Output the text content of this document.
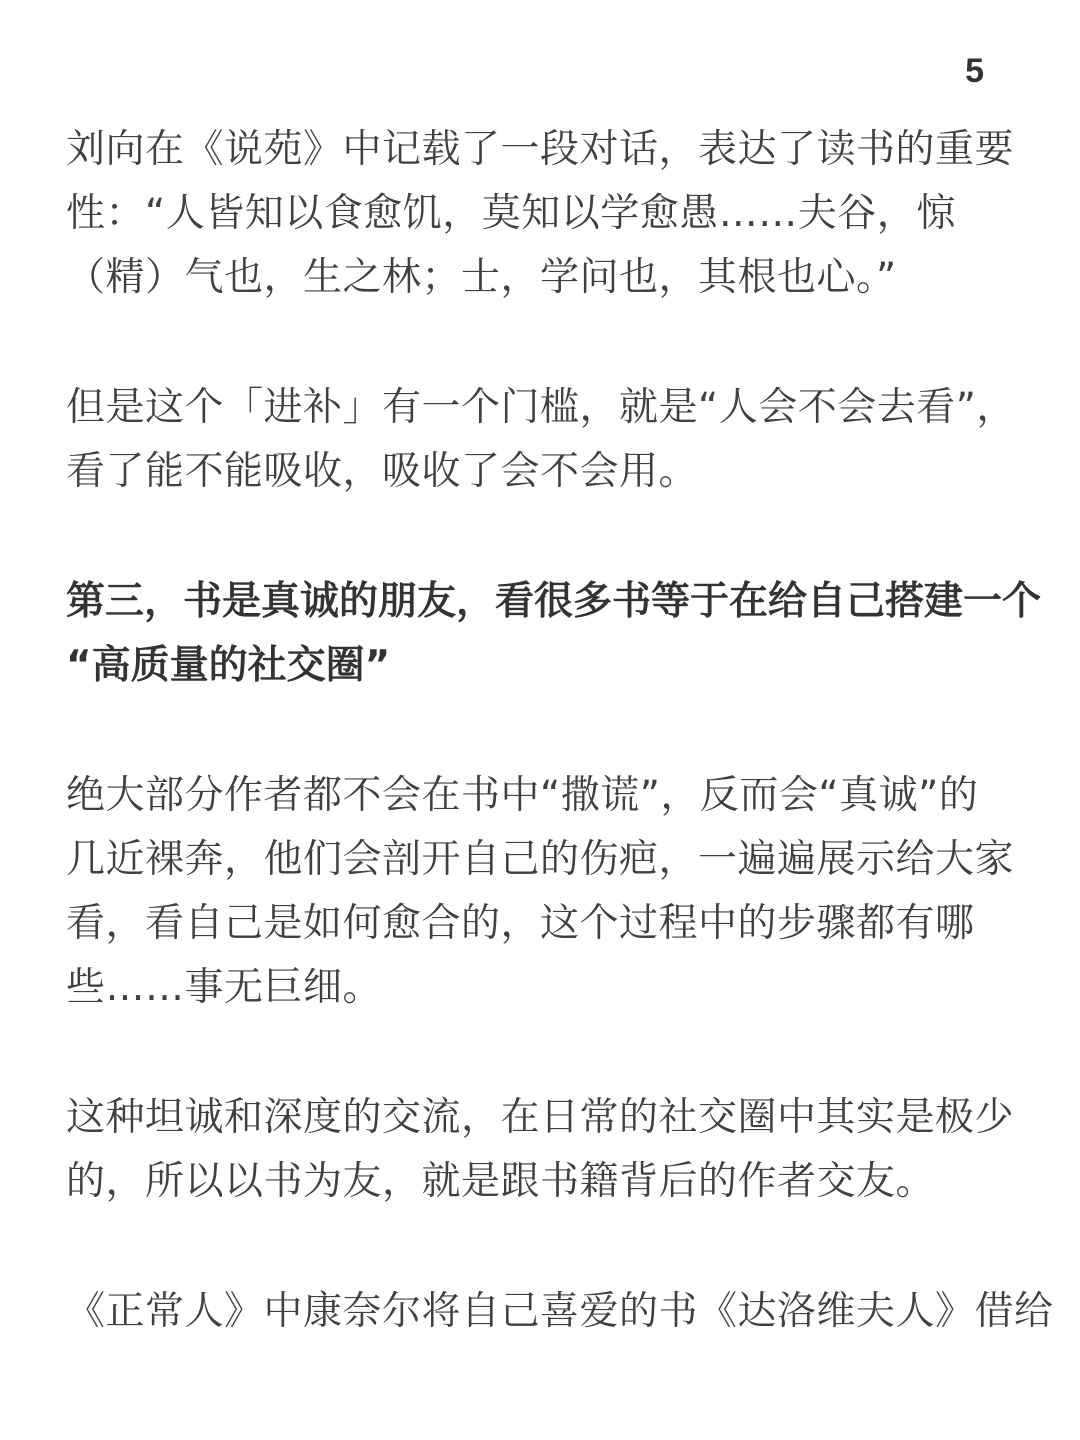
5

刘向在《说苑》中记载了一段对话，表达了读书的重要
性：“人皆知以食愈饥，莫知以学愈愚……夫谷，惊
（精）气也，生之林；士，学问也，其根也心。”

但是这个「进补」有一个门槛，就是“人会不会去看”，
看了能不能吸收，吸收了会不会用。

第三，书是真诚的朋友，看很多书等于在给自己搭建一个
“高质量的社交圈”

绝大部分作者都不会在书中“撒谎”，反而会“真诚”的
几近裸奔，他们会剖开自己的伤疤，一遍遍展示给大家
看，看自己是如何愈合的，这个过程中的步骤都有哪
些……事无巨细。

这种坦诚和深度的交流，在日常的社交圈中其实是极少
的，所以以书为友，就是跟书籍背后的作者交友。

《正常人》中康奈尔将自己喜爱的书《达洛维夫人》借给
